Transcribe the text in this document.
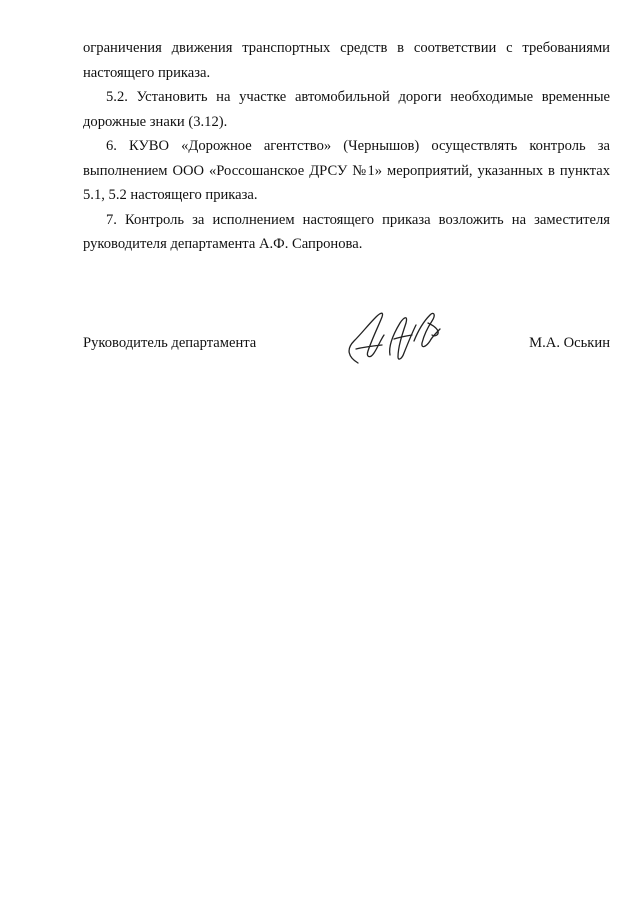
ограничения движения транспортных средств в соответствии с требованиями настоящего приказа.

5.2. Установить на участке автомобильной дороги необходимые временные дорожные знаки (3.12).

6. КУВО «Дорожное агентство» (Чернышов) осуществлять контроль за выполнением ООО «Россошанское ДРСУ №1» мероприятий, указанных в пунктах 5.1, 5.2 настоящего приказа.

7. Контроль за исполнением настоящего приказа возложить на заместителя руководителя департамента А.Ф. Сапронова.

Руководитель департамента	М.А. Оськин
